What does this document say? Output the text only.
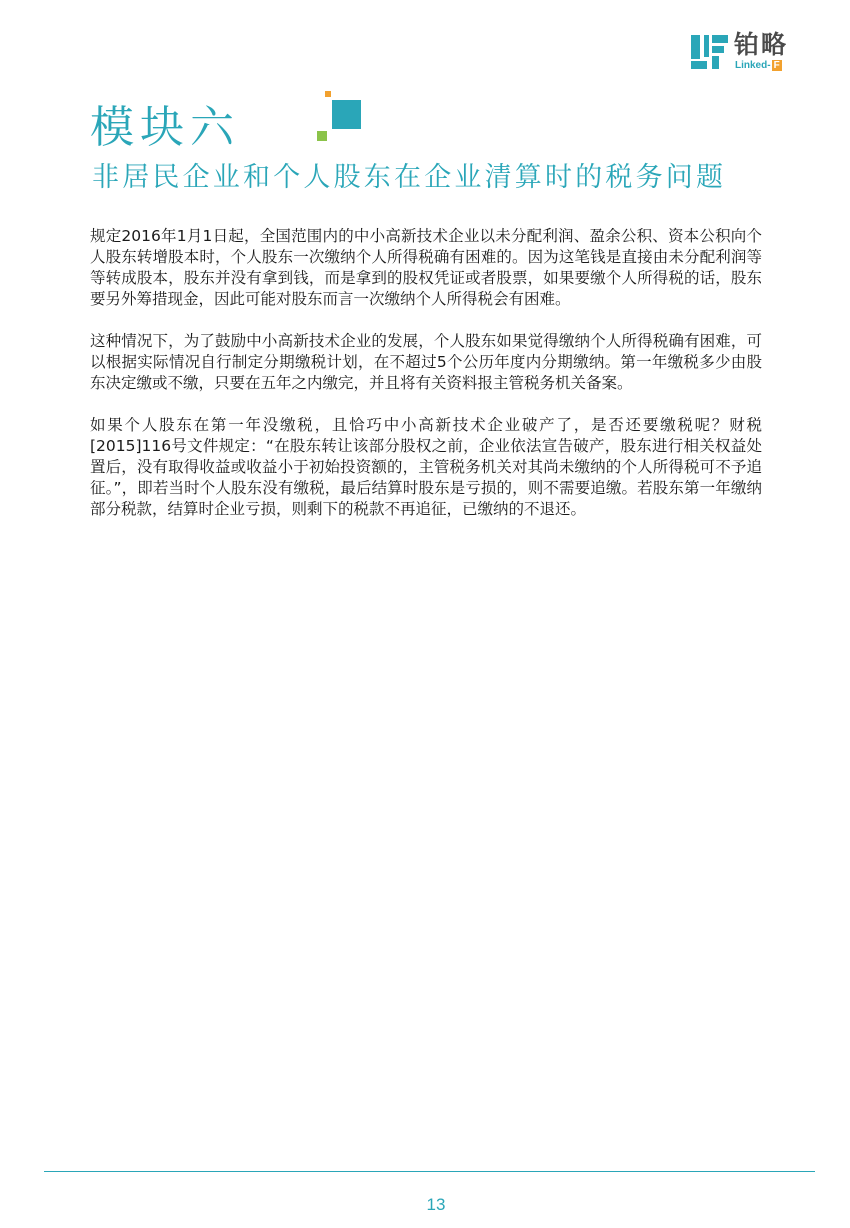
铂略
Linked- F
模块六
非居民企业和个人股东在企业清算时的税务问题

规定2016年1月1日起，全国范围内的中小高新技术企业以未分配利润、盈余公积、资本公积向个人股东转增股本时，个人股东一次缴纳个人所得税确有困难的。因为这笔钱是直接由未分配利润等等转成股本，股东并没有拿到钱，而是拿到的股权凭证或者股票，如果要缴个人所得税的话，股东要另外筹措现金，因此可能对股东而言一次缴纳个人所得税会有困难。

这种情况下，为了鼓励中小高新技术企业的发展，个人股东如果觉得缴纳个人所得税确有困难，可以根据实际情况自行制定分期缴税计划，在不超过5个公历年度内分期缴纳。第一年缴税多少由股东决定缴或不缴，只要在五年之内缴完，并且将有关资料报主管税务机关备案。

如果个人股东在第一年没缴税，且恰巧中小高新技术企业破产了，是否还要缴税呢？财税[2015]116号文件规定：“在股东转让该部分股权之前，企业依法宣告破产，股东进行相关权益处置后，没有取得收益或收益小于初始投资额的，主管税务机关对其尚未缴纳的个人所得税可不予追征。”，即若当时个人股东没有缴税，最后结算时股东是亏损的，则不需要追缴。若股东第一年缴纳部分税款，结算时企业亏损，则剩下的税款不再追征，已缴纳的不退还。

13
